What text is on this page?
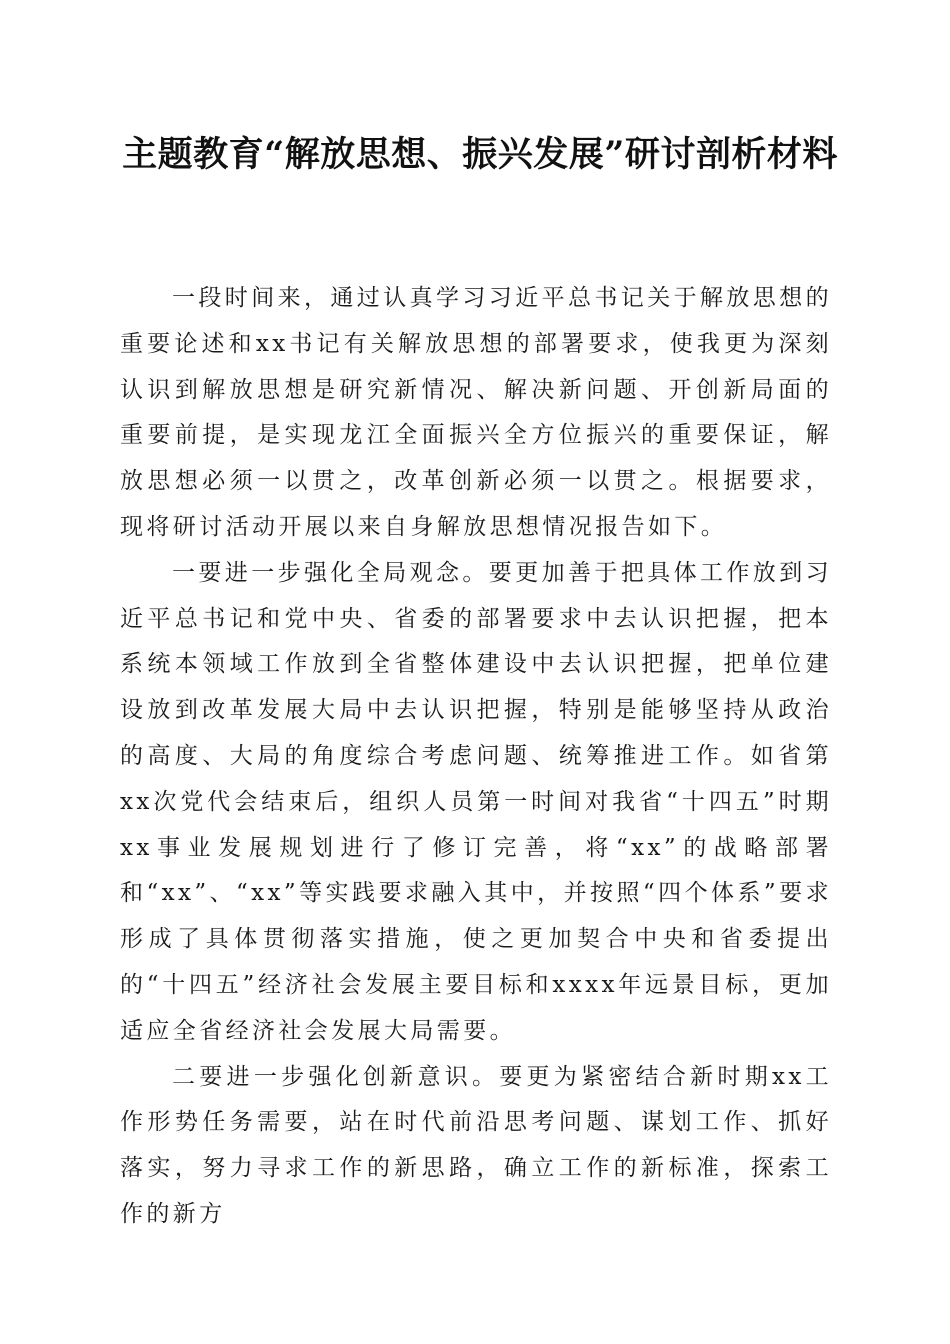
主题教育“解放思想、振兴发展”研讨剖析材料

一段时间来，通过认真学习习近平总书记关于解放思想的重要论述和xx书记有关解放思想的部署要求，使我更为深刻认识到解放思想是研究新情况、解决新问题、开创新局面的重要前提，是实现龙江全面振兴全方位振兴的重要保证，解放思想必须一以贯之，改革创新必须一以贯之。根据要求，现将研讨活动开展以来自身解放思想情况报告如下。

一要进一步强化全局观念。要更加善于把具体工作放到习近平总书记和党中央、省委的部署要求中去认识把握，把本系统本领域工作放到全省整体建设中去认识把握，把单位建设放到改革发展大局中去认识把握，特别是能够坚持从政治的高度、大局的角度综合考虑问题、统筹推进工作。如省第xx次党代会结束后，组织人员第一时间对我省“十四五”时期xx事业发展规划进行了修订完善，将“xx”的战略部署和“xx”、“xx”等实践要求融入其中，并按照“四个体系”要求形成了具体贯彻落实措施，使之更加契合中央和省委提出的“十四五”经济社会发展主要目标和xxxx年远景目标，更加适应全省经济社会发展大局需要。

二要进一步强化创新意识。要更为紧密结合新时期xx工作形势任务需要，站在时代前沿思考问题、谋划工作、抓好落实，努力寻求工作的新思路，确立工作的新标准，探索工作的新方
